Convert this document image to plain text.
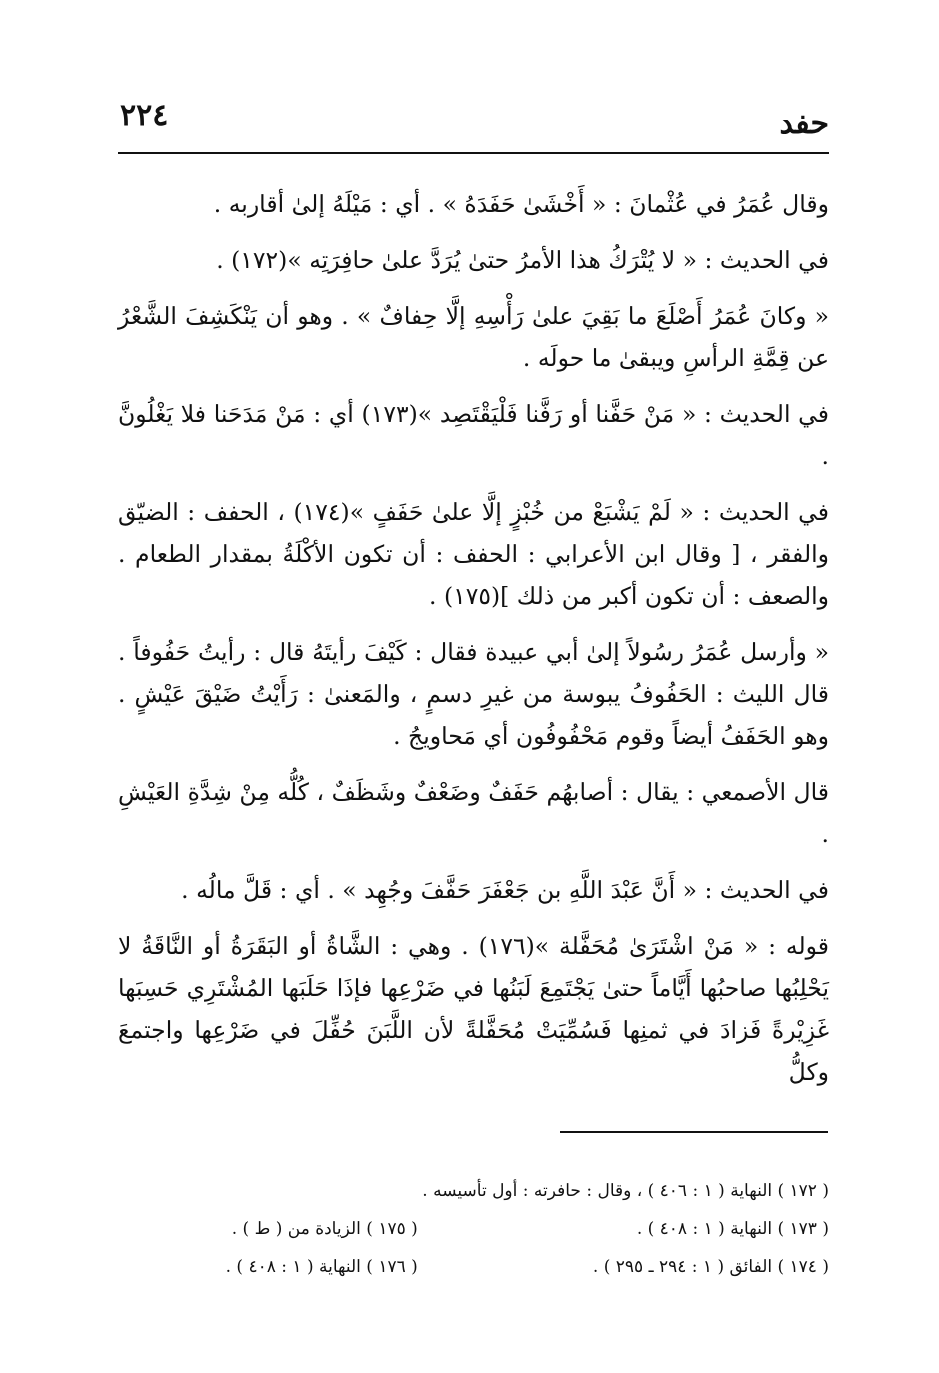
٢٢٤	حفد

وقال عُمَرُ في عُثْمانَ : « أَخْشَىٰ حَفَدَهُ » . أي : مَيْلَهُ إلىٰ أقاربه .

في الحديث : « لا يُتْرَكُ هذا الأمرُ حتىٰ يُرَدَّ علىٰ حافِرَتِه »(١٧٢) .

« وكانَ عُمَرُ أَصْلَعَ ما بَقِيَ علىٰ رَأْسِهِ إلَّا حِفافٌ » . وهو أن يَنْكَشِفَ الشَّعْرُ عن قِمَّةِ الرأسِ ويبقىٰ ما حولَه .

في الحديث : « مَنْ حَفَّنا أو رَفَّنا فَلْيَقْتَصِد »(١٧٣) أي : مَنْ مَدَحَنا فلا يَغْلُونَّ .

في الحديث : « لَمْ يَشْبَعْ من خُبْزٍ إلَّا علىٰ حَفَفٍ »(١٧٤) ، الحفف : الضيّق والفقر ، [ وقال ابن الأعرابي : الحفف : أن تكون الأكْلَةُ بمقدار الطعام . والصعف : أن تكون أكبر من ذلك ](١٧٥) .

« وأرسل عُمَرُ رسُولاً إلىٰ أبي عبيدة فقال : كَيْفَ رأيتَهُ قال : رأيتُ حَفُوفاً . قال الليث : الحَفُوفُ يبوسة من غيرِ دسمٍ ، والمَعنىٰ : رَأَيْتُ ضَيْقَ عَيْشٍ . وهو الحَفَفُ أيضاً وقوم مَحْفُوفُون أي مَحاويجُ .

قال الأصمعي : يقال : أصابهُم حَفَفٌ وضَعْفٌ وشَظَفٌ ، كُلُّه مِنْ شِدَّةِ العَيْشِ .

في الحديث : « أَنَّ عَبْدَ اللَّهِ بن جَعْفَرَ حَفَّفَ وجُهِد » . أي : قَلَّ مالُه .

قوله : « مَنْ اشْتَرَىٰ مُحَفَّلة »(١٧٦) . وهي : الشَّاةُ أو البَقَرَةُ أو النَّاقَةُ لا يَحْلِبُها صاحبُها أَيَّاماً حتىٰ يَجْتَمِعَ لَبَنُها في ضَرْعِها فإذَا حَلَبَها المُشْتَرِي حَسِبَها غَزِيْرةً فَزادَ في ثمنِها فَسُمِّيَتْ مُحَفَّلةً لأن اللَّبَنَ حُفِّلَ في ضَرْعِها واجتمعَ وكلُّ

( ١٧٢ ) النهاية ( ١ : ٤٠٦ ) ، وقال : حافرته : أول تأسيسه .
( ١٧٣ ) النهاية ( ١ : ٤٠٨ ) .
( ١٧٥ ) الزيادة من ( ط ) .
( ١٧٤ ) الفائق ( ١ : ٢٩٤ ـ ٢٩٥ ) .
( ١٧٦ ) النهاية ( ١ : ٤٠٨ ) .
